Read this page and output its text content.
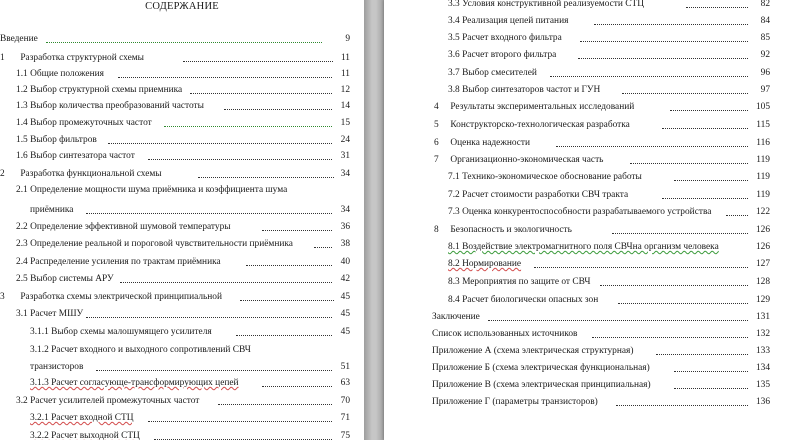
СОДЕРЖАНИЕ
Введение	9
1 Разработка структурной схемы	11
1.1 Общие положения	11
1.2 Выбор структурной схемы приемника	12
1.3 Выбор количества преобразований частоты	14
1.4 Выбор промежуточных частот	15
1.5 Выбор фильтров	24
1.6 Выбор синтезатора частот	31
2 Разработка функциональной схемы	34
2.1 Определение мощности шума приёмника и коэффициента шума
приёмника	34
2.2 Определение эффективной шумовой температуры	36
2.3 Определение реальной и пороговой чувствительности приёмника	38
2.4 Распределение усиления по трактам приёмника	40
2.5 Выбор системы АРУ	42
3 Разработка схемы электрической принципиальной	45
3.1 Расчет МШУ	45
3.1.1 Выбор схемы малошумящего усилителя	45
3.1.2 Расчет входного и выходного сопротивлений СВЧ
транзисторов	51
3.1.3 Расчет согласующе-трансформирующих цепей	63
3.2 Расчет усилителей промежуточных частот	70
3.2.1 Расчет входной СТЦ	71
3.2.2 Расчет выходной СТЦ	75
3.3 Условия конструктивной реализуемости СТЦ	82
3.4 Реализация цепей питания	84
3.5 Расчет входного фильтра	85
3.6 Расчет второго фильтра	92
3.7 Выбор смесителей	96
3.8 Выбор синтезаторов частот и ГУН	97
4 Результаты экспериментальных исследований	105
5 Конструкторско-технологическая разработка	115
6 Оценка надежности	116
7 Организационно-экономическая часть	119
7.1 Технико-экономическое обоснование работы	119
7.2 Расчет стоимости разработки СВЧ тракта	119
7.3 Оценка конкурентоспособности разрабатываемого устройства	122
8 Безопасность и экологичность	126
8.1 Воздействие электромагнитного поля СВЧна организм человека	126
8.2 Нормирование	127
8.3 Мероприятия по защите от СВЧ	128
8.4 Расчет биологически опасных зон	129
Заключение	131
Список использованных источников	132
Приложение А (схема электрическая структурная)	133
Приложение Б (схема электрическая функциональная)	134
Приложение В (схема электрическая принципиальная)	135
Приложение Г (параметры транзисторов)	136
